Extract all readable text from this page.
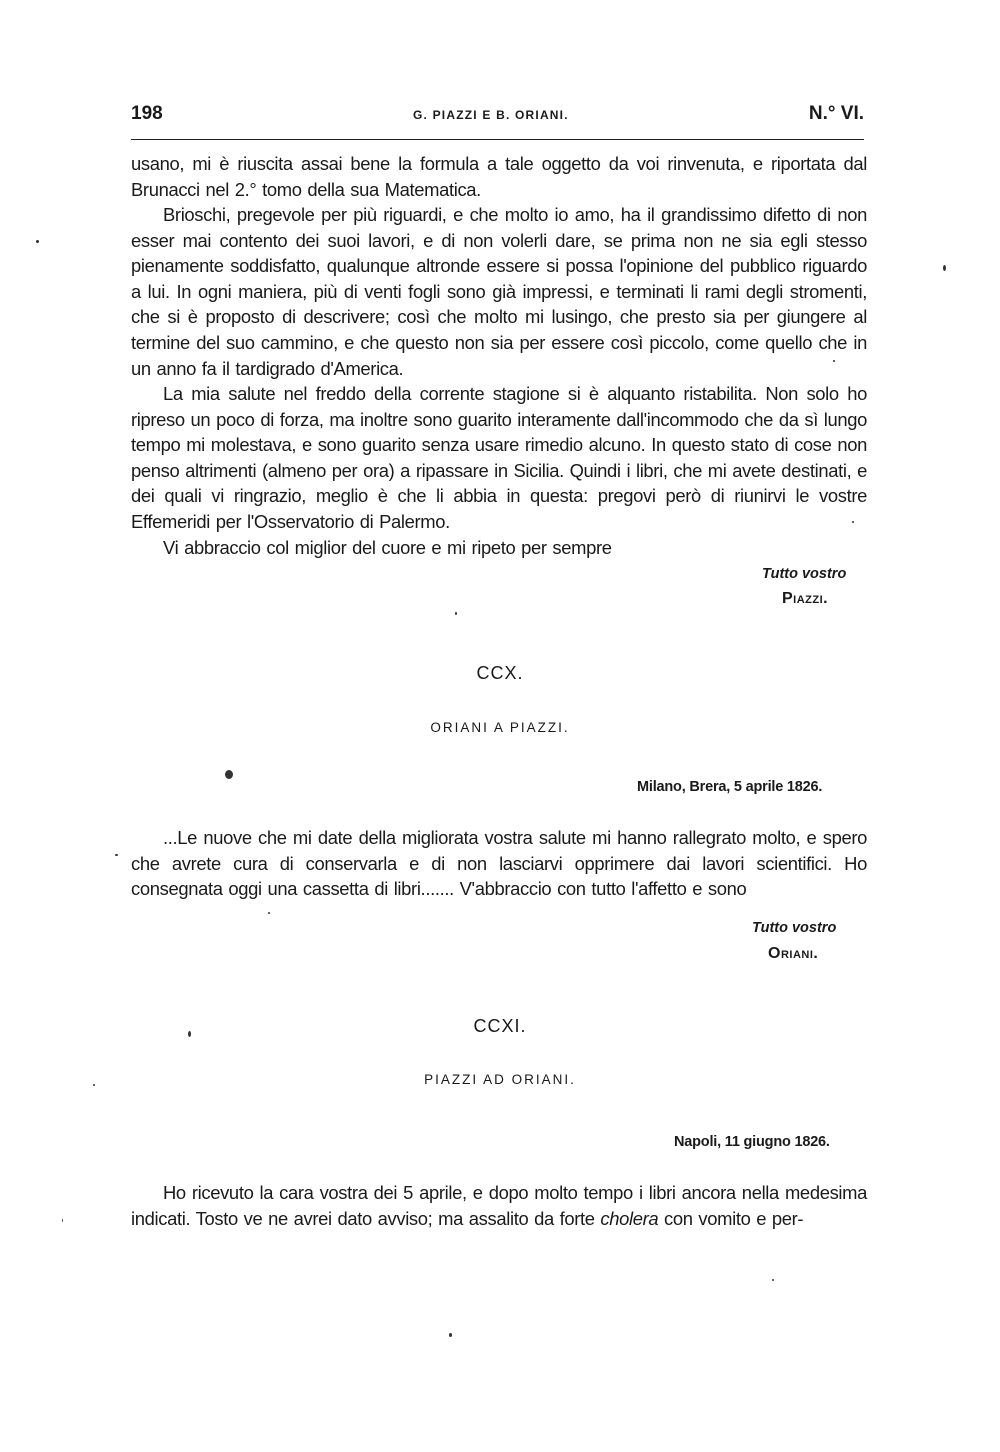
198	G. PIAZZI E B. ORIANI.	N.° VI.

usano, mi è riuscita assai bene la formula a tale oggetto da voi rinvenuta, e riportata dal Brunacci nel 2.° tomo della sua Matematica.

Brioschi, pregevole per più riguardi, e che molto io amo, ha il grandissimo difetto di non esser mai contento dei suoi lavori, e di non volerli dare, se prima non ne sia egli stesso pienamente soddisfatto, qualunque altronde essere si possa l'opinione del pubblico riguardo a lui. In ogni maniera, più di venti fogli sono già impressi, e terminati li rami degli stromenti, che si è proposto di descrivere; così che molto mi lusingo, che presto sia per giungere al termine del suo cammino, e che questo non sia per essere così piccolo, come quello che in un anno fa il tardigrado d'America.

La mia salute nel freddo della corrente stagione si è alquanto ristabilita. Non solo ho ripreso un poco di forza, ma inoltre sono guarito interamente dall'incommodo che da sì lungo tempo mi molestava, e sono guarito senza usare rimedio alcuno. In questo stato di cose non penso altrimenti (almeno per ora) a ripassare in Sicilia. Quindi i libri, che mi avete destinati, e dei quali vi ringrazio, meglio è che li abbia in questa: pregovi però di riunirvi le vostre Effemeridi per l'Osservatorio di Palermo.

Vi abbraccio col miglior del cuore e mi ripeto per sempre

Tutto vostro
Piazzi.
CCX.
ORIANI A PIAZZI.
Milano, Brera, 5 aprile 1826.

...Le nuove che mi date della migliorata vostra salute mi hanno rallegrato molto, e spero che avrete cura di conservarla e di non lasciarvi opprimere dai lavori scientifici. Ho consegnata oggi una cassetta di libri....... V'abbraccio con tutto l'affetto e sono

Tutto vostro
Oriani.
CCXI.
PIAZZI AD ORIANI.
Napoli, 11 giugno 1826.

Ho ricevuto la cara vostra dei 5 aprile, e dopo molto tempo i libri ancora nella medesima indicati. Tosto ve ne avrei dato avviso; ma assalito da forte cholera con vomito e per-
